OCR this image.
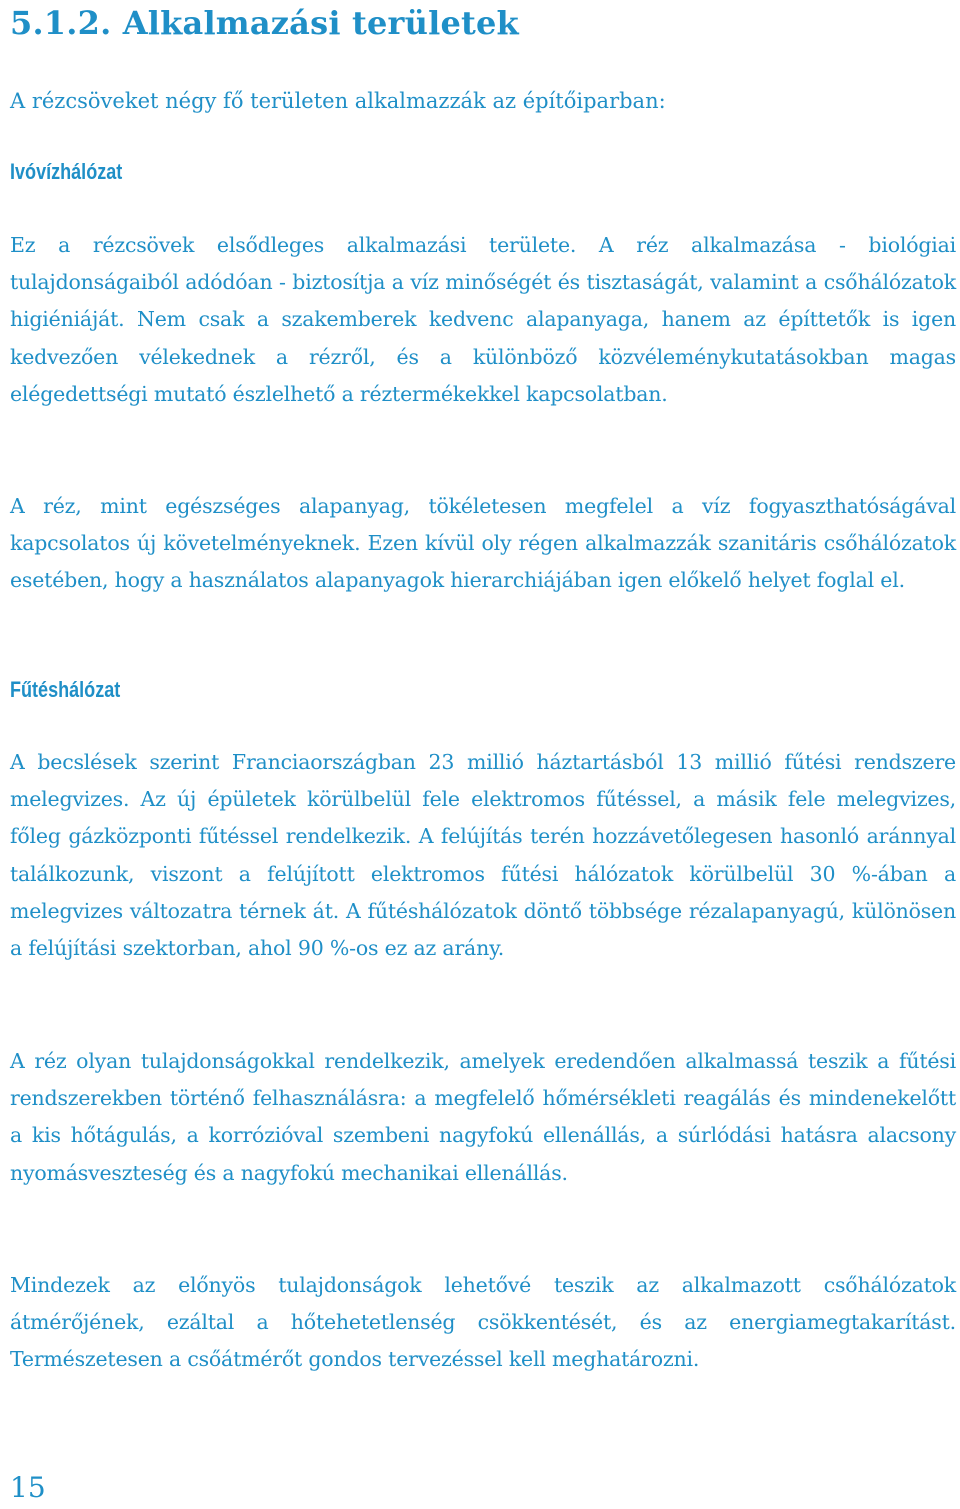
5.1.2. Alkalmazási területek

A rézcsöveket négy fő területen alkalmazzák az építőiparban:

Ivóvízhálózat

Ez a rézcsövek elsődleges alkalmazási területe. A réz alkalmazása - biológiai tulajdonságaiból adódóan - biztosítja a víz minőségét és tisztaságát, valamint a csőhálózatok higiéniáját. Nem csak a szakemberek kedvenc alapanyaga, hanem az építtetők is igen kedvezően vélekednek a rézről, és a különböző közvéleménykutatásokban magas elégedettségi mutató észlelhető a réztermékekkel kapcsolatban.

A réz, mint egészséges alapanyag, tökéletesen megfelel a víz fogyaszthatóságával kapcsolatos új követelményeknek. Ezen kívül oly régen alkalmazzák szanitáris csőhálózatok esetében, hogy a használatos alapanyagok hierarchiájában igen előkelő helyet foglal el.

Fűtéshálózat

A becslések szerint Franciaországban 23 millió háztartásból 13 millió fűtési rendszere melegvizes. Az új épületek körülbelül fele elektromos fűtéssel, a másik fele melegvizes, főleg gázközponti fűtéssel rendelkezik. A felújítás terén hozzávetőlegesen hasonló aránnyal találkozunk, viszont a felújított elektromos fűtési hálózatok körülbelül 30 %-ában a melegvizes változatra térnek át. A fűtéshálózatok döntő többsége rézalapanyagú, különösen a felújítási szektorban, ahol 90 %-os ez az arány.

A réz olyan tulajdonságokkal rendelkezik, amelyek eredendően alkalmassá teszik a fűtési rendszerekben történő felhasználásra: a megfelelő hőmérsékleti reagálás és mindenekelőtt a kis hőtágulás, a korrózióval szembeni nagyfokú ellenállás, a súrlódási hatásra alacsony nyomásveszteség és a nagyfokú mechanikai ellenállás.

Mindezek az előnyös tulajdonságok lehetővé teszik az alkalmazott csőhálózatok átmérőjének, ezáltal a hőtehetetlenség csökkentését, és az energiamegtakarítást. Természetesen a csőátmérőt gondos tervezéssel kell meghatározni.

15
